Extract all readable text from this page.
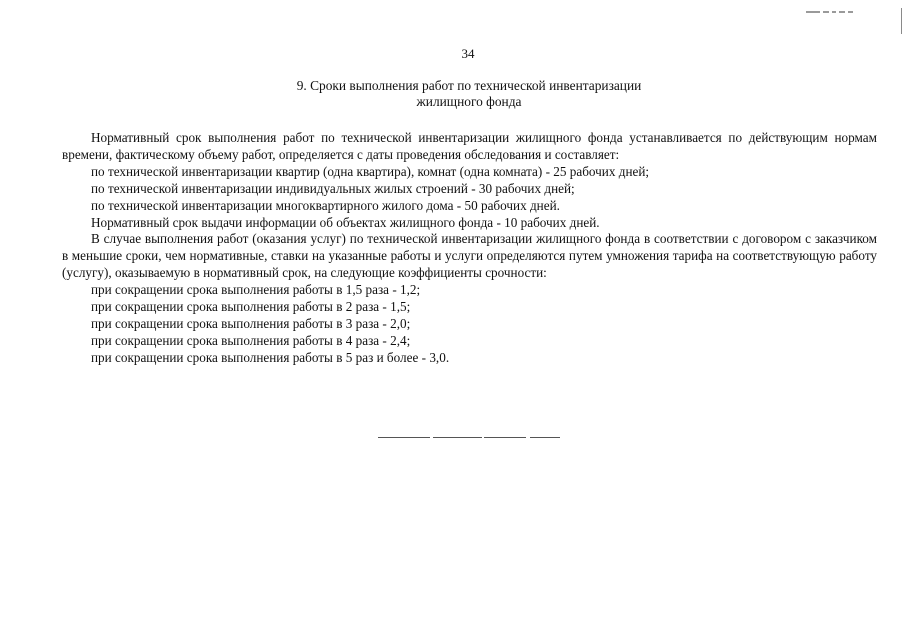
34
9. Сроки выполнения работ по технической инвентаризации
жилищного фонда

Нормативный срок выполнения работ по технической инвентаризации жилищного фонда устанавливается по действующим нормам времени, фактическому объему работ, определяется с даты проведения обследования и составляет:

по технической инвентаризации квартир (одна квартира), комнат (одна комната) - 25 рабочих дней;

по технической инвентаризации индивидуальных жилых строений - 30 рабочих дней;

по технической инвентаризации многоквартирного жилого дома - 50 рабочих дней.

Нормативный срок выдачи информации об объектах жилищного фонда - 10 рабочих дней.

В случае выполнения работ (оказания услуг) по технической инвентаризации жилищного фонда в соответствии с договором с заказчиком в меньшие сроки, чем нормативные, ставки на указанные работы и услуги определяются путем умножения тарифа на соответствующую работу (услугу), оказываемую в нормативный срок, на следующие коэффициенты срочности:

при сокращении срока выполнения работы в 1,5 раза - 1,2;

при сокращении срока выполнения работы в 2 раза - 1,5;

при сокращении срока выполнения работы в 3 раза - 2,0;

при сокращении срока выполнения работы в 4 раза - 2,4;

при сокращении срока выполнения работы в 5 раз и более - 3,0.
